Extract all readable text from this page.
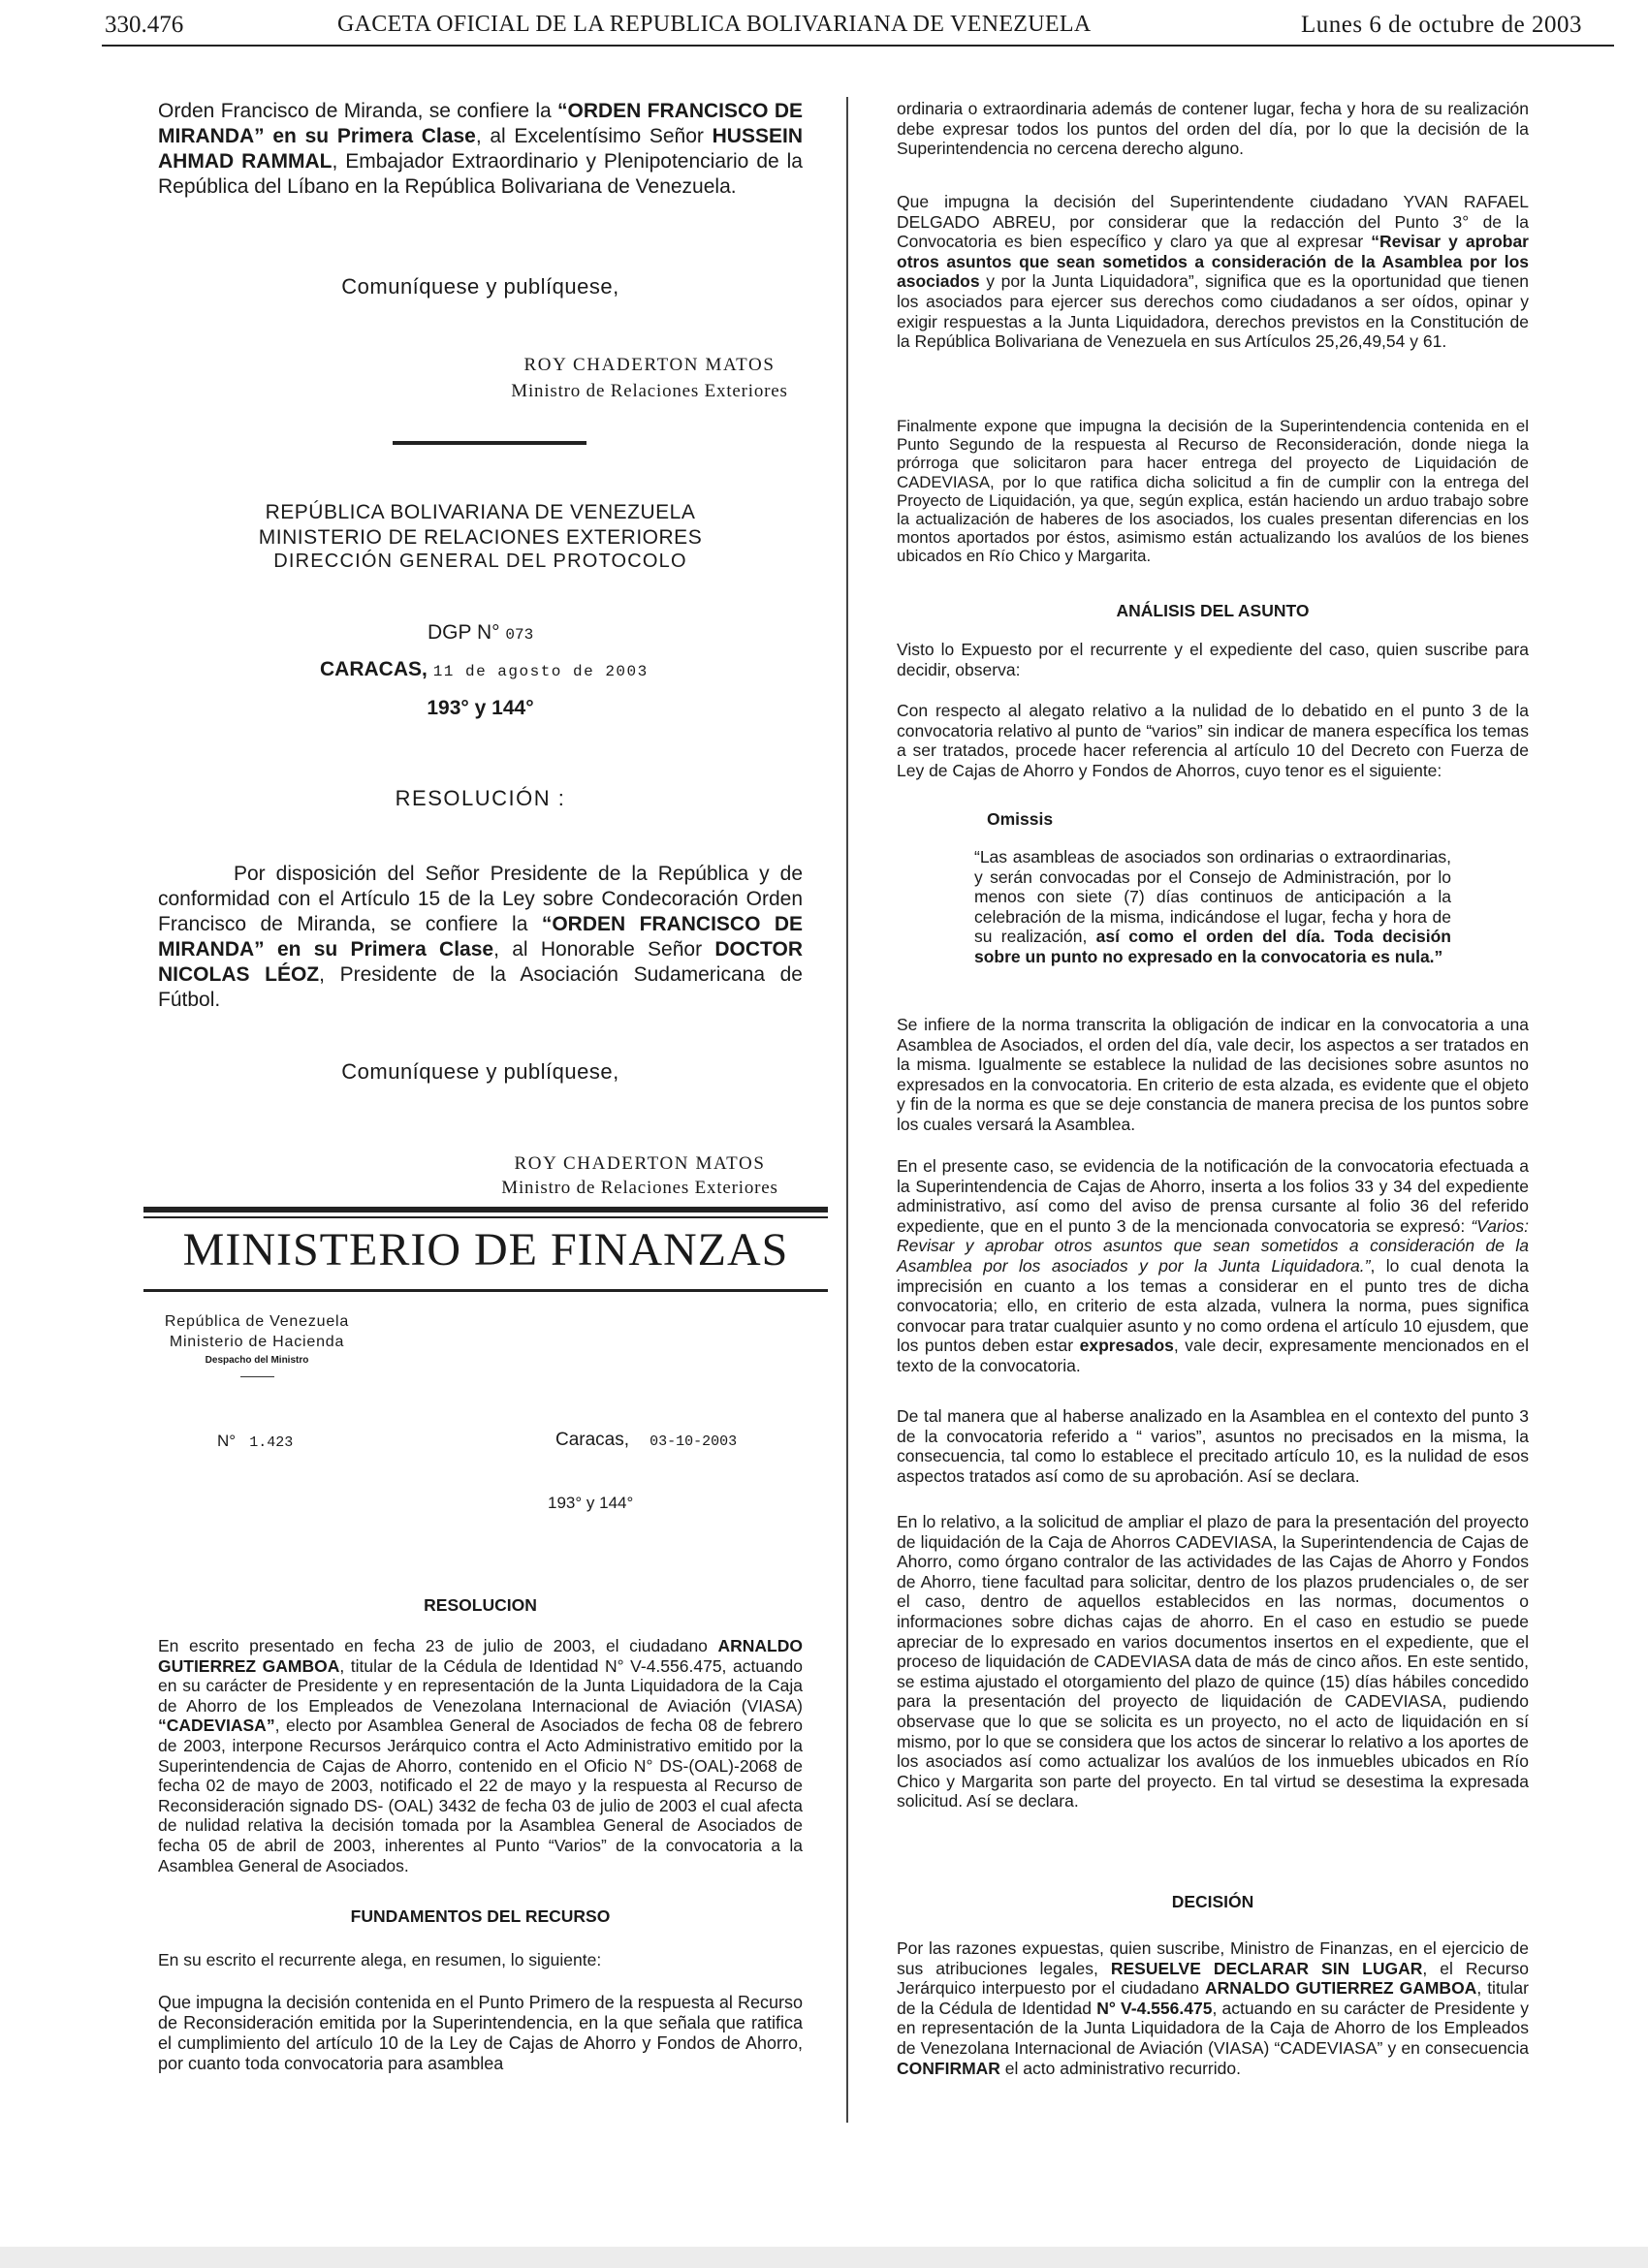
330.476	GACETA OFICIAL DE LA REPUBLICA BOLIVARIANA DE VENEZUELA	Lunes 6 de octubre de 2003

Orden Francisco de Miranda, se confiere la “ORDEN FRANCISCO DE MIRANDA” en su Primera Clase, al Excelentísimo Señor HUSSEIN AHMAD RAMMAL, Embajador Extraordinario y Plenipotenciario de la República del Líbano en la República Bolivariana de Venezuela.

Comuníquese y publíquese,
ROY CHADERTON MATOS
Ministro de Relaciones Exteriores
REPÚBLICA BOLIVARIANA DE VENEZUELA
MINISTERIO DE RELACIONES EXTERIORES
DIRECCIÓN GENERAL DEL PROTOCOLO
DGP N° 073
CARACAS, 11 de agosto de 2003
193° y 144°
RESOLUCIÓN :

Por disposición del Señor Presidente de la República y de conformidad con el Artículo 15 de la Ley sobre Condecoración Orden Francisco de Miranda, se confiere la “ORDEN FRANCISCO DE MIRANDA” en su Primera Clase, al Honorable Señor DOCTOR NICOLAS LÉOZ, Presidente de la Asociación Sudamericana de Fútbol.

Comuníquese y publíquese,
ROY CHADERTON MATOS
Ministro de Relaciones Exteriores
MINISTERIO DE FINANZAS
República de Venezuela
Ministerio de Hacienda
Despacho del Ministro
N° 1.423	Caracas, 03-10-2003
193° y 144°
RESOLUCION

En escrito presentado en fecha 23 de julio de 2003, el ciudadano ARNALDO GUTIERREZ GAMBOA, titular de la Cédula de Identidad N° V-4.556.475, actuando en su carácter de Presidente y en representación de la Junta Liquidadora de la Caja de Ahorro de los Empleados de Venezolana Internacional de Aviación (VIASA) “CADEVIASA”, electo por Asamblea General de Asociados de fecha 08 de febrero de 2003, interpone Recursos Jerárquico contra el Acto Administrativo emitido por la Superintendencia de Cajas de Ahorro, contenido en el Oficio N° DS-(OAL)-2068 de fecha 02 de mayo de 2003, notificado el 22 de mayo y la respuesta al Recurso de Reconsideración signado DS- (OAL) 3432 de fecha 03 de julio de 2003 el cual afecta de nulidad relativa la decisión tomada por la Asamblea General de Asociados de fecha 05 de abril de 2003, inherentes al Punto “Varios” de la convocatoria a la Asamblea General de Asociados.

FUNDAMENTOS DEL RECURSO

En su escrito el recurrente alega, en resumen, lo siguiente:

Que impugna la decisión contenida en el Punto Primero de la respuesta al Recurso de Reconsideración emitida por la Superintendencia, en la que señala que ratifica el cumplimiento del artículo 10 de la Ley de Cajas de Ahorro y Fondos de Ahorro, por cuanto toda convocatoria para asamblea

ordinaria o extraordinaria además de contener lugar, fecha y hora de su realización debe expresar todos los puntos del orden del día, por lo que la decisión de la Superintendencia no cercena derecho alguno.

Que impugna la decisión del Superintendente ciudadano YVAN RAFAEL DELGADO ABREU, por considerar que la redacción del Punto 3° de la Convocatoria es bien específico y claro ya que al expresar “Revisar y aprobar otros asuntos que sean sometidos a consideración de la Asamblea por los asociados y por la Junta Liquidadora”, significa que es la oportunidad que tienen los asociados para ejercer sus derechos como ciudadanos a ser oídos, opinar y exigir respuestas a la Junta Liquidadora, derechos previstos en la Constitución de la República Bolivariana de Venezuela en sus Artículos 25,26,49,54 y 61.

Finalmente expone que impugna la decisión de la Superintendencia contenida en el Punto Segundo de la respuesta al Recurso de Reconsideración, donde niega la prórroga que solicitaron para hacer entrega del proyecto de Liquidación de CADEVIASA, por lo que ratifica dicha solicitud a fin de cumplir con la entrega del Proyecto de Liquidación, ya que, según explica, están haciendo un arduo trabajo sobre la actualización de haberes de los asociados, los cuales presentan diferencias en los montos aportados por éstos, asimismo están actualizando los avalúos de los bienes ubicados en Río Chico y Margarita.

ANÁLISIS DEL ASUNTO

Visto lo Expuesto por el recurrente y el expediente del caso, quien suscribe para decidir, observa:

Con respecto al alegato relativo a la nulidad de lo debatido en el punto 3 de la convocatoria relativo al punto de “varios” sin indicar de manera específica los temas a ser tratados, procede hacer referencia al artículo 10 del Decreto con Fuerza de Ley de Cajas de Ahorro y Fondos de Ahorros, cuyo tenor es el siguiente:

Omissis

“Las asambleas de asociados son ordinarias o extraordinarias, y serán convocadas por el Consejo de Administración, por lo menos con siete (7) días continuos de anticipación a la celebración de la misma, indicándose el lugar, fecha y hora de su realización, así como el orden del día. Toda decisión sobre un punto no expresado en la convocatoria es nula.”

Se infiere de la norma transcrita la obligación de indicar en la convocatoria a una Asamblea de Asociados, el orden del día, vale decir, los aspectos a ser tratados en la misma. Igualmente se establece la nulidad de las decisiones sobre asuntos no expresados en la convocatoria. En criterio de esta alzada, es evidente que el objeto y fin de la norma es que se deje constancia de manera precisa de los puntos sobre los cuales versará la Asamblea.

En el presente caso, se evidencia de la notificación de la convocatoria efectuada a la Superintendencia de Cajas de Ahorro, inserta a los folios 33 y 34 del expediente administrativo, así como del aviso de prensa cursante al folio 36 del referido expediente, que en el punto 3 de la mencionada convocatoria se expresó: “Varios: Revisar y aprobar otros asuntos que sean sometidos a consideración de la Asamblea por los asociados y por la Junta Liquidadora.”, lo cual denota la imprecisión en cuanto a los temas a considerar en el punto tres de dicha convocatoria; ello, en criterio de esta alzada, vulnera la norma, pues significa convocar para tratar cualquier asunto y no como ordena el artículo 10 ejusdem, que los puntos deben estar expresados, vale decir, expresamente mencionados en el texto de la convocatoria.

De tal manera que al haberse analizado en la Asamblea en el contexto del punto 3 de la convocatoria referido a “ varios”, asuntos no precisados en la misma, la consecuencia, tal como lo establece el precitado artículo 10, es la nulidad de esos aspectos tratados así como de su aprobación. Así se declara.

En lo relativo, a la solicitud de ampliar el plazo de para la presentación del proyecto de liquidación de la Caja de Ahorros CADEVIASA, la Superintendencia de Cajas de Ahorro, como órgano contralor de las actividades de las Cajas de Ahorro y Fondos de Ahorro, tiene facultad para solicitar, dentro de los plazos prudenciales o, de ser el caso, dentro de aquellos establecidos en las normas, documentos o informaciones sobre dichas cajas de ahorro. En el caso en estudio se puede apreciar de lo expresado en varios documentos insertos en el expediente, que el proceso de liquidación de CADEVIASA data de más de cinco años. En este sentido, se estima ajustado el otorgamiento del plazo de quince (15) días hábiles concedido para la presentación del proyecto de liquidación de CADEVIASA, pudiendo observase que lo que se solicita es un proyecto, no el acto de liquidación en sí mismo, por lo que se considera que los actos de sincerar lo relativo a los aportes de los asociados así como actualizar los avalúos de los inmuebles ubicados en Río Chico y Margarita son parte del proyecto. En tal virtud se desestima la expresada solicitud. Así se declara.

DECISIÓN

Por las razones expuestas, quien suscribe, Ministro de Finanzas, en el ejercicio de sus atribuciones legales, RESUELVE DECLARAR SIN LUGAR, el Recurso Jerárquico interpuesto por el ciudadano ARNALDO GUTIERREZ GAMBOA, titular de la Cédula de Identidad N° V-4.556.475, actuando en su carácter de Presidente y en representación de la Junta Liquidadora de la Caja de Ahorro de los Empleados de Venezolana Internacional de Aviación (VIASA) “CADEVIASA” y en consecuencia CONFIRMAR el acto administrativo recurrido.
